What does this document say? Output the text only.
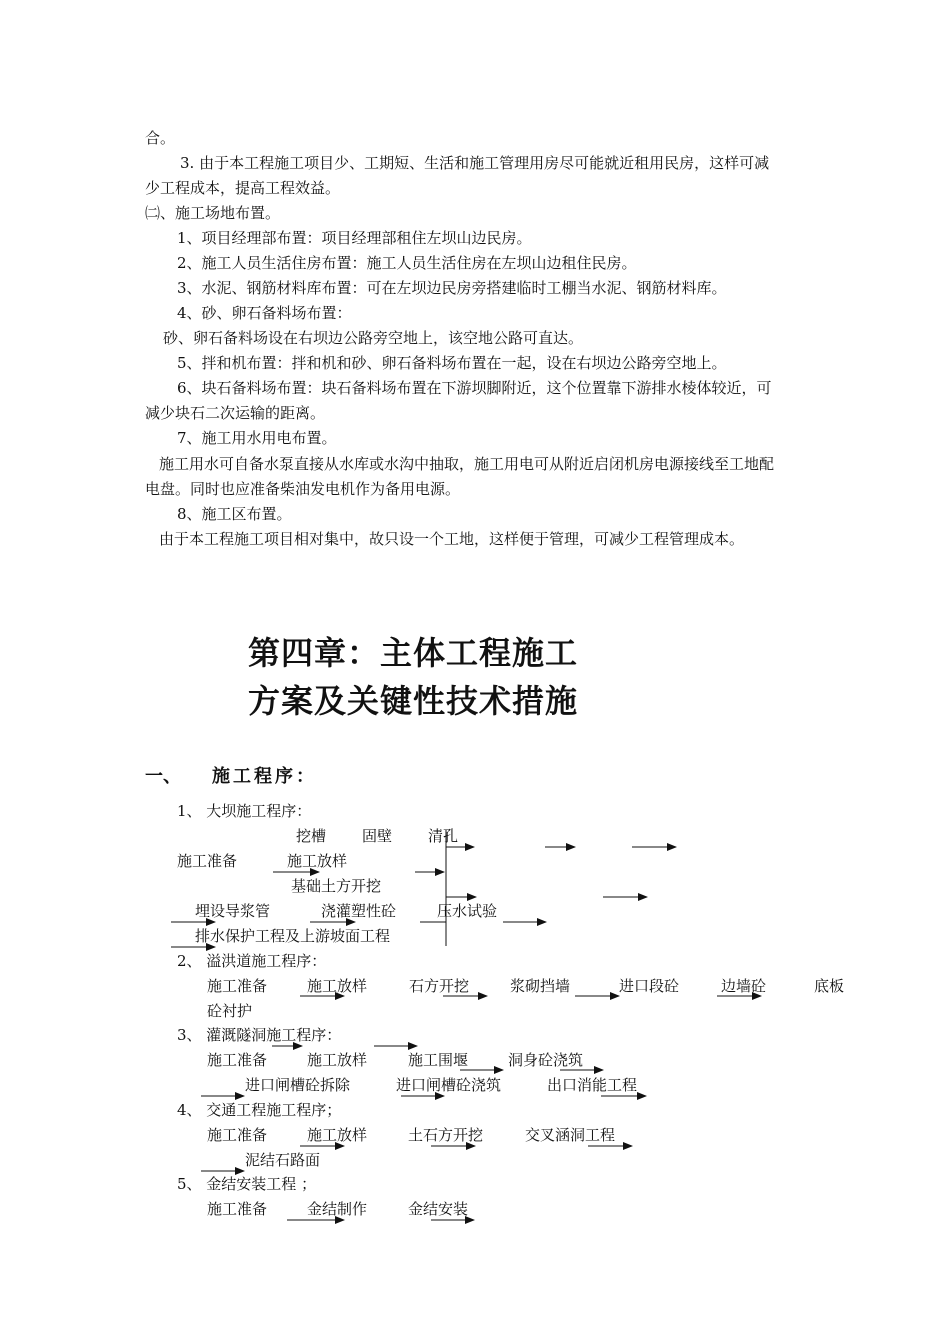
合。
3. 由于本工程施工项目少、工期短、生活和施工管理用房尽可能就近租用民房，这样可减
少工程成本，提高工程效益。
㈡、施工场地布置。
1、项目经理部布置：项目经理部租住左坝山边民房。
2、施工人员生活住房布置：施工人员生活住房在左坝山边租住民房。
3、水泥、钢筋材料库布置：可在左坝边民房旁搭建临时工棚当水泥、钢筋材料库。
4、砂、卵石备料场布置：
砂、卵石备料场设在右坝边公路旁空地上，该空地公路可直达。
5、拌和机布置：拌和机和砂、卵石备料场布置在一起，设在右坝边公路旁空地上。
6、块石备料场布置：块石备料场布置在下游坝脚附近，这个位置靠下游排水棱体较近，可
减少块石二次运输的距离。
7、施工用水用电布置。
施工用水可自备水泵直接从水库或水沟中抽取，施工用电可从附近启闭机房电源接线至工地配
电盘。同时也应准备柴油发电机作为备用电源。
8、施工区布置。
由于本工程施工项目相对集中，故只设一个工地，这样便于管理，可减少工程管理成本。
第四章：主体工程施工
方案及关键性技术措施
一、 施工程序：
1、 大坝施工程序：
挖槽 固壁 清孔
施工准备	施工放样
基础土方开挖
埋设导浆管	浇灌塑性砼	压水试验
排水保护工程及上游坡面工程
2、 溢洪道施工程序：
施工准备	施工放样	石方开挖	浆砌挡墙	进口段砼	边墙砼	底板
砼衬护
3、 灌溉隧洞施工程序：
施工准备	施工放样	施工围堰	洞身砼浇筑
进口闸槽砼拆除	进口闸槽砼浇筑	出口消能工程
4、 交通工程施工程序；
施工准备	施工放样	土石方开挖	交叉涵洞工程
泥结石路面
5、 金结安装工程 ；
施工准备	金结制作	金结安装
